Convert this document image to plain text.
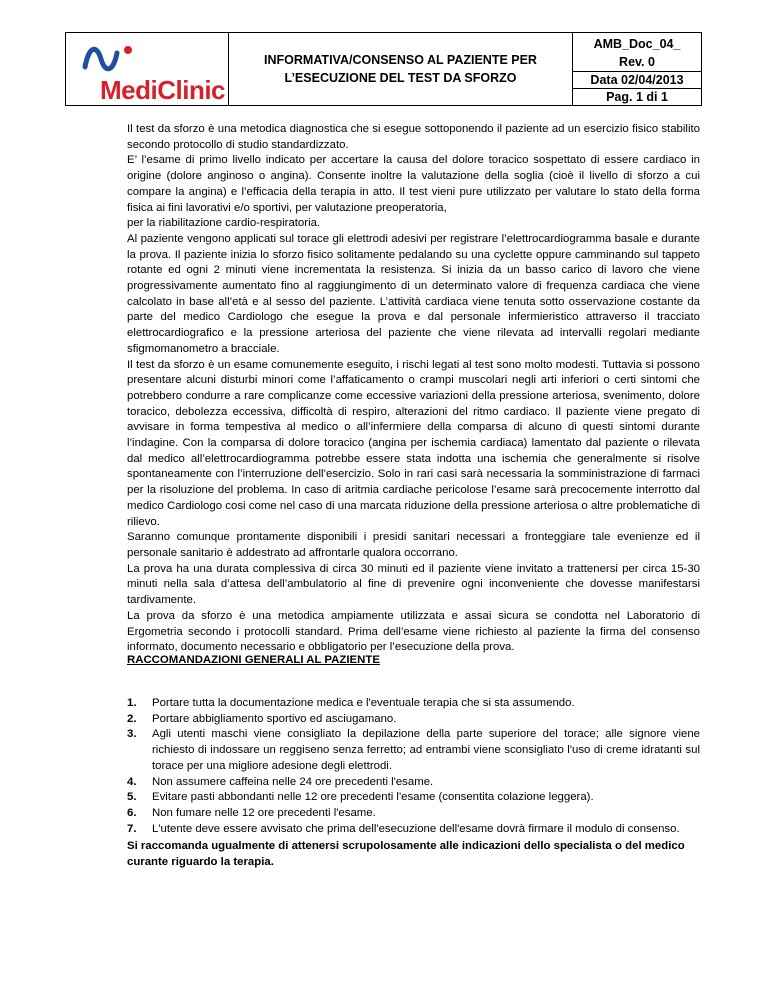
MediClinic
INFORMATIVA/CONSENSO AL PAZIENTE PER L’ESECUZIONE DEL TEST DA SFORZO
AMB_Doc_04_
Rev. 0
Data 02/04/2013
Pag. 1 di 1

Il test da sforzo è una metodica diagnostica che si esegue sottoponendo il paziente ad un esercizio fisico stabilito secondo protocollo di studio standardizzato.

E’ l’esame di primo livello indicato per accertare la causa del dolore toracico sospettato di essere cardiaco in origine (dolore anginoso o angina). Consente inoltre la valutazione della soglia (cioè il livello di sforzo a cui compare la angina) e l’efficacia della terapia in atto. Il test vieni pure utilizzato per valutare lo stato della forma fisica ai fini lavorativi e/o sportivi, per valutazione preoperatoria,

per la riabilitazione cardio-respiratoria.

Al paziente vengono applicati sul torace gli elettrodi adesivi per registrare l’elettrocardiogramma basale e durante la prova. Il paziente inizia lo sforzo fisico solitamente pedalando su una cyclette oppure camminando sul tappeto rotante ed ogni 2 minuti viene incrementata la resistenza. Si inizia da un basso carico di lavoro che viene progressivamente aumentato fino al raggiungimento di un determinato valore di frequenza cardiaca che viene calcolato in base all’età e al sesso del paziente. L’attività cardiaca viene tenuta sotto osservazione costante da parte del medico Cardiologo che esegue la prova e dal personale infermieristico attraverso il tracciato elettrocardiografico e la pressione arteriosa del paziente che viene rilevata ad intervalli regolari mediante sfigmomanometro a bracciale.

Il test da sforzo è un esame comunemente eseguito, i rischi legati al test sono molto modesti. Tuttavia si possono presentare alcuni disturbi minori come l’affaticamento o crampi muscolari negli arti inferiori o certi sintomi che potrebbero condurre a rare complicanze come eccessive variazioni della pressione arteriosa, svenimento, dolore toracico, debolezza eccessiva, difficoltà di respiro, alterazioni del ritmo cardiaco. Il paziente viene pregato di avvisare in forma tempestiva al medico o all’infermiere della comparsa di alcuno di questi sintomi durante l’indagine. Con la comparsa di dolore toracico (angina per ischemia cardiaca) lamentato dal paziente o rilevata dal medico all’elettrocardiogramma potrebbe essere stata indotta una ischemia che generalmente si risolve spontaneamente con l’interruzione dell’esercizio. Solo in rari casi sarà necessaria la somministrazione di farmaci per la risoluzione del problema. In caso di aritmia cardiache pericolose l’esame sarà precocemente interrotto dal medico Cardiologo cosi come nel caso di una marcata riduzione della pressione arteriosa o altre problematiche di rilievo.

Saranno comunque prontamente disponibili i presidi sanitari necessari a fronteggiare tale evenienze ed il personale sanitario è addestrato ad affrontarle qualora occorrano.

La prova ha una durata complessiva di circa 30 minuti ed il paziente viene invitato a trattenersi per circa 15-30 minuti nella sala d’attesa dell’ambulatorio al fine di prevenire ogni inconveniente che dovesse manifestarsi tardivamente.

La prova da sforzo è una metodica ampiamente utilizzata e assai sicura se condotta nel Laboratorio di Ergometria secondo i protocolli standard. Prima dell’esame viene richiesto al paziente la firma del consenso informato, documento necessario e obbligatorio per l’esecuzione della prova.

RACCOMANDAZIONI GENERALI AL PAZIENTE
1.	Portare tutta la documentazione medica e l'eventuale terapia che si sta assumendo.
2.	Portare abbigliamento sportivo ed asciugamano.
3.	Agli utenti maschi viene consigliato la depilazione della parte superiore del torace; alle signore viene richiesto di indossare un reggiseno senza ferretto; ad entrambi viene sconsigliato l'uso di creme idratanti sul torace per una migliore adesione degli elettrodi.
4.	Non assumere caffeina nelle 24 ore precedenti l'esame.
5.	Evitare pasti abbondanti nelle 12 ore precedenti l'esame (consentita colazione leggera).
6.	Non fumare nelle 12 ore precedenti l'esame.
7.	L'utente deve essere avvisato che prima dell'esecuzione dell'esame dovrà firmare il modulo di consenso.
Si raccomanda ugualmente di attenersi scrupolosamente alle indicazioni dello specialista o del medico curante riguardo la terapia.
